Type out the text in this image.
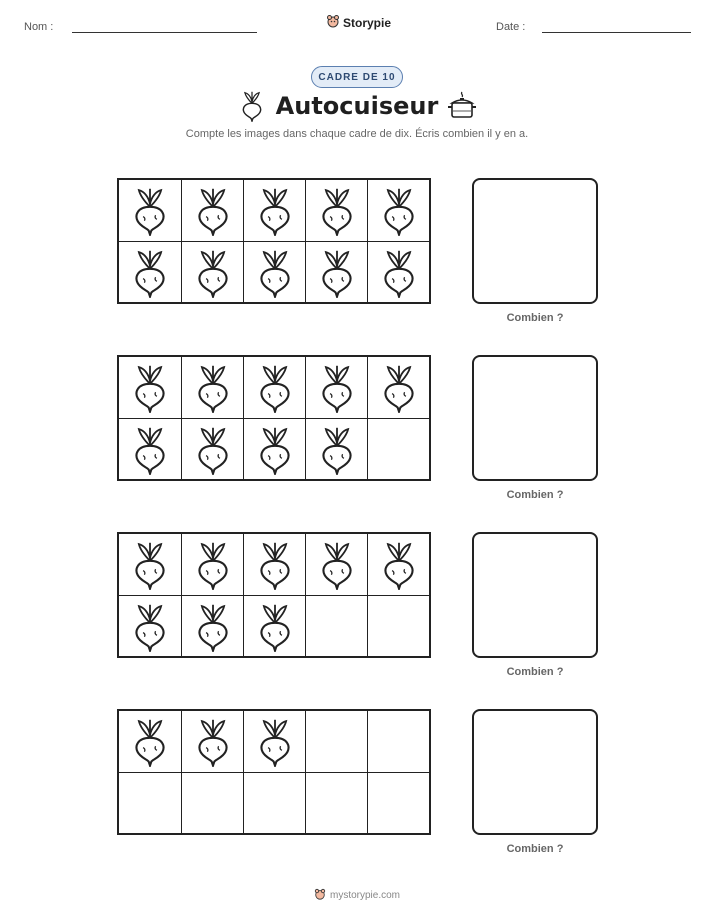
Nom :	Storypie	Date :
CADRE DE 10
Autocuiseur
Compte les images dans chaque cadre de dix. Écris combien il y en a.
Combien ?
Combien ?
Combien ?
Combien ?
mystorypie.com
